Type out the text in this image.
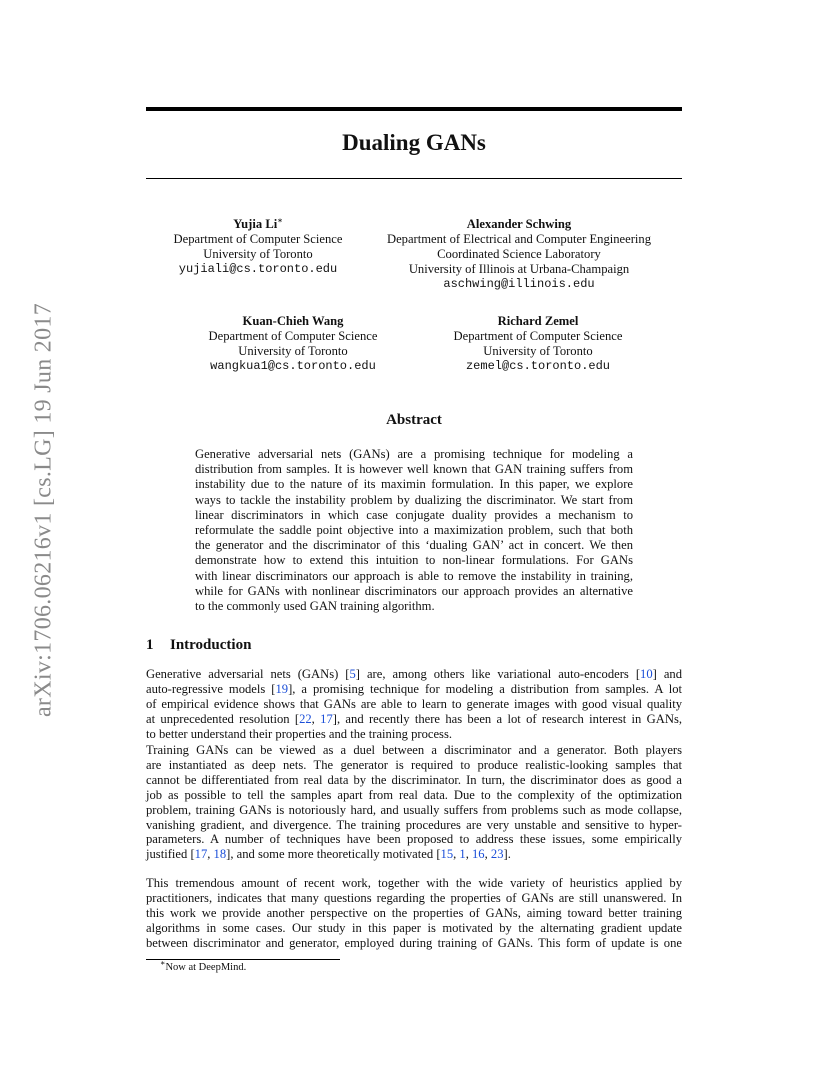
arXiv:1706.06216v1 [cs.LG] 19 Jun 2017
Dualing GANs
Yujia Li∗
Department of Computer Science
University of Toronto
yujiali@cs.toronto.edu
Alexander Schwing
Department of Electrical and Computer Engineering
Coordinated Science Laboratory
University of Illinois at Urbana-Champaign
aschwing@illinois.edu
Kuan-Chieh Wang
Department of Computer Science
University of Toronto
wangkua1@cs.toronto.edu
Richard Zemel
Department of Computer Science
University of Toronto
zemel@cs.toronto.edu
Abstract
Generative adversarial nets (GANs) are a promising technique for modeling a
distribution from samples. It is however well known that GAN training suffers from
instability due to the nature of its maximin formulation. In this paper, we explore
ways to tackle the instability problem by dualizing the discriminator. We start from
linear discriminators in which case conjugate duality provides a mechanism to
reformulate the saddle point objective into a maximization problem, such that both
the generator and the discriminator of this ‘dualing GAN’ act in concert. We then
demonstrate how to extend this intuition to non-linear formulations. For GANs
with linear discriminators our approach is able to remove the instability in training,
while for GANs with nonlinear discriminators our approach provides an alternative
to the commonly used GAN training algorithm.
1 Introduction
Generative adversarial nets (GANs) [5] are, among others like variational auto-encoders [10] and
auto-regressive models [19], a promising technique for modeling a distribution from samples. A lot
of empirical evidence shows that GANs are able to learn to generate images with good visual quality
at unprecedented resolution [22, 17], and recently there has been a lot of research interest in GANs,
to better understand their properties and the training process.
Training GANs can be viewed as a duel between a discriminator and a generator. Both players
are instantiated as deep nets. The generator is required to produce realistic-looking samples that
cannot be differentiated from real data by the discriminator. In turn, the discriminator does as good a
job as possible to tell the samples apart from real data. Due to the complexity of the optimization
problem, training GANs is notoriously hard, and usually suffers from problems such as mode collapse,
vanishing gradient, and divergence. The training procedures are very unstable and sensitive to hyper-
parameters. A number of techniques have been proposed to address these issues, some empirically
justified [17, 18], and some more theoretically motivated [15, 1, 16, 23].
This tremendous amount of recent work, together with the wide variety of heuristics applied by
practitioners, indicates that many questions regarding the properties of GANs are still unanswered. In
this work we provide another perspective on the properties of GANs, aiming toward better training
algorithms in some cases. Our study in this paper is motivated by the alternating gradient update
between discriminator and generator, employed during training of GANs. This form of update is one
∗Now at DeepMind.
